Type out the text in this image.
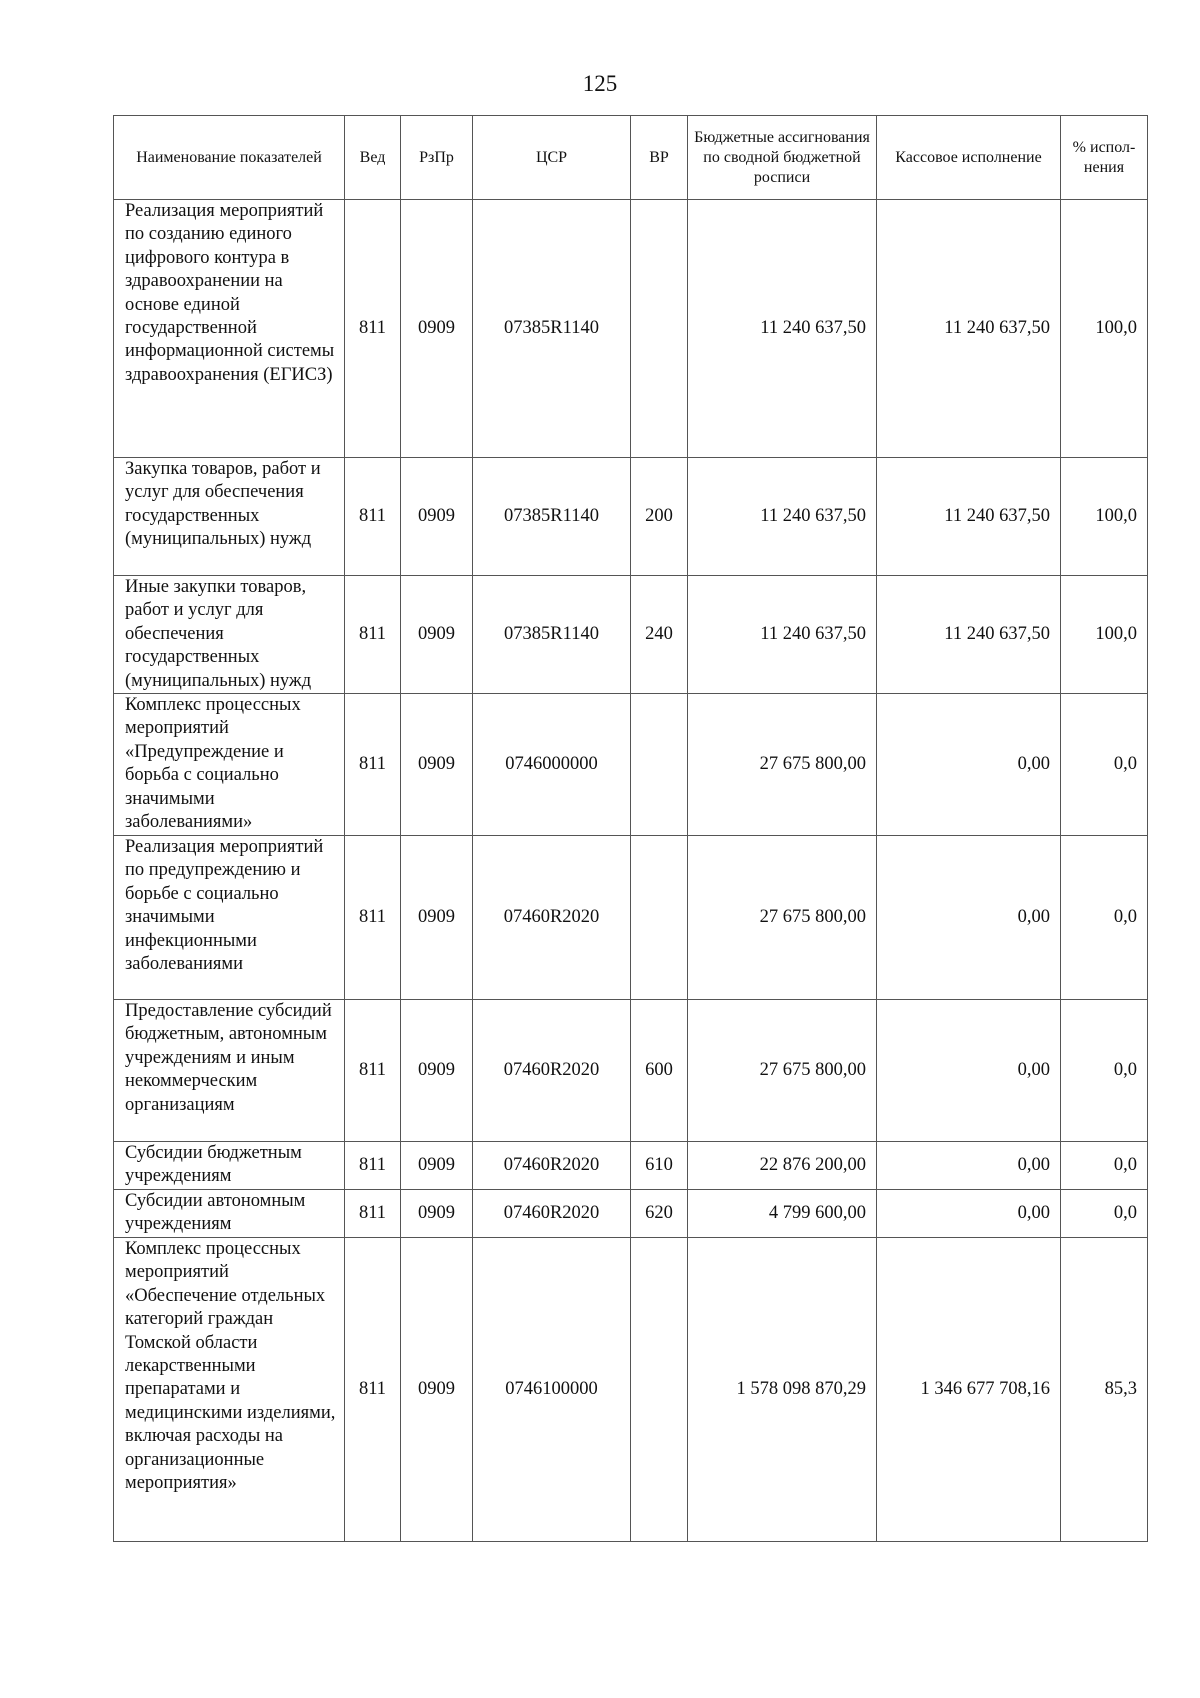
125
Наименование показателей	Вед	РзПр	ЦСР	ВР	Бюджетные ассигнования по сводной бюджетной росписи	Кассовое исполнение	% испол-нения
Реализация мероприятий по созданию единого цифрового контура в здравоохранении на основе единой государственной информационной системы здравоохранения (ЕГИСЗ)	811	0909	07385R1140		11 240 637,50	11 240 637,50	100,0
Закупка товаров, работ и услуг для обеспечения государственных (муниципальных) нужд	811	0909	07385R1140	200	11 240 637,50	11 240 637,50	100,0
Иные закупки товаров, работ и услуг для обеспечения государственных (муниципальных) нужд	811	0909	07385R1140	240	11 240 637,50	11 240 637,50	100,0
Комплекс процессных мероприятий «Предупреждение и борьба с социально значимыми заболеваниями»	811	0909	0746000000		27 675 800,00	0,00	0,0
Реализация мероприятий по предупреждению и борьбе с социально значимыми инфекционными заболеваниями	811	0909	07460R2020		27 675 800,00	0,00	0,0
Предоставление субсидий бюджетным, автономным учреждениям и иным некоммерческим организациям	811	0909	07460R2020	600	27 675 800,00	0,00	0,0
Субсидии бюджетным учреждениям	811	0909	07460R2020	610	22 876 200,00	0,00	0,0
Субсидии автономным учреждениям	811	0909	07460R2020	620	4 799 600,00	0,00	0,0
Комплекс процессных мероприятий «Обеспечение отдельных категорий граждан Томской области лекарственными препаратами и медицинскими изделиями, включая расходы на организационные мероприятия»	811	0909	0746100000		1 578 098 870,29	1 346 677 708,16	85,3
